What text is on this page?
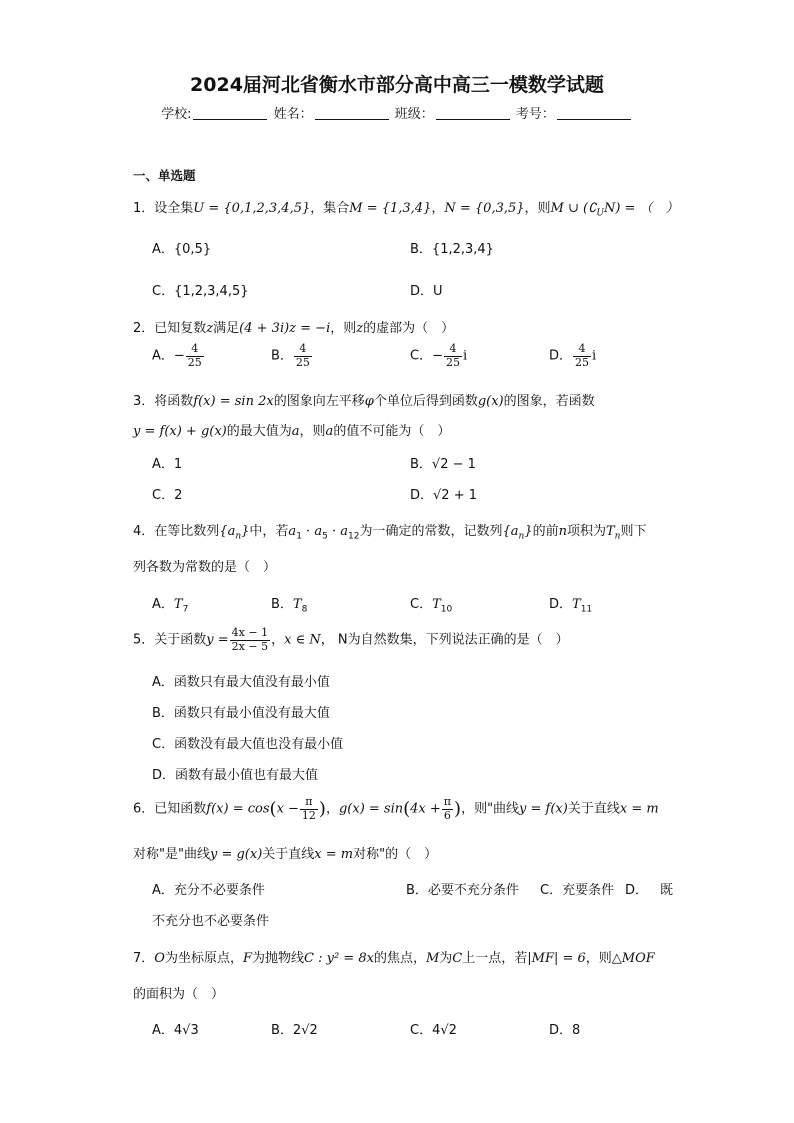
2024届河北省衡水市部分高中高三一模数学试题
学校:	姓名：	班级：	考号：
一、单选题
1．设全集U = {0,1,2,3,4,5}，集合M = {1,3,4}，N = {0,3,5}，则M ∪ $(∁_UN)$ = （　）
A．{0,5}	B．{1,2,3,4}
C．{1,2,3,4,5}	D．U
2．已知复数z满足(4 + 3i)z = −i，则z的虚部为（　）
A．− $\frac{4}{25}$	B． $\frac{4}{25}$	C．− $\frac{4}{25}$ i	D． $\frac{4}{25}$ i
3．将函数f(x) = sin 2x的图象向左平移φ个单位后得到函数g(x)的图象，若函数
y = f(x) + g(x)的最大值为a，则a的值不可能为（　）
A．1	B．√2 − 1
C．2	D．√2 + 1
4．在等比数列$\{a_n\}$中，若$a_1 \cdot a_5 \cdot a_{12}$为一确定的常数，记数列$\{a_n\}$的前n项积为$T_n$则下
列各数为常数的是（　）
A．$T_7$	B．$T_8$	C．$T_{10}$	D．$T_{11}$
5．关于函数$y = \frac{4x - 1}{2x - 5}$ ，x ∈ N， N为自然数集，下列说法正确的是（　）
A．函数只有最大值没有最小值
B．函数只有最小值没有最大值
C．函数没有最大值也没有最小值
D．函数有最小值也有最大值
6．已知函数$f(x) = \cos(x - \frac{\pi}{12}$ )，$g(x) = \sin(4x + \frac{\pi}{6}$ )，则"曲线y = f(x)关于直线x = m
对称"是"曲线y = g(x)关于直线x = m对称"的（　）
A．充分不必要条件	B．必要不充分条件 C．充要条件 D． 既
不充分也不必要条件
7．O为坐标原点，F为抛物线C : y² = 8x的焦点，M为C上一点，若|MF| = 6，则△MOF
的面积为（　）
A．4√3	B．2√2	C．4√2	D．8
